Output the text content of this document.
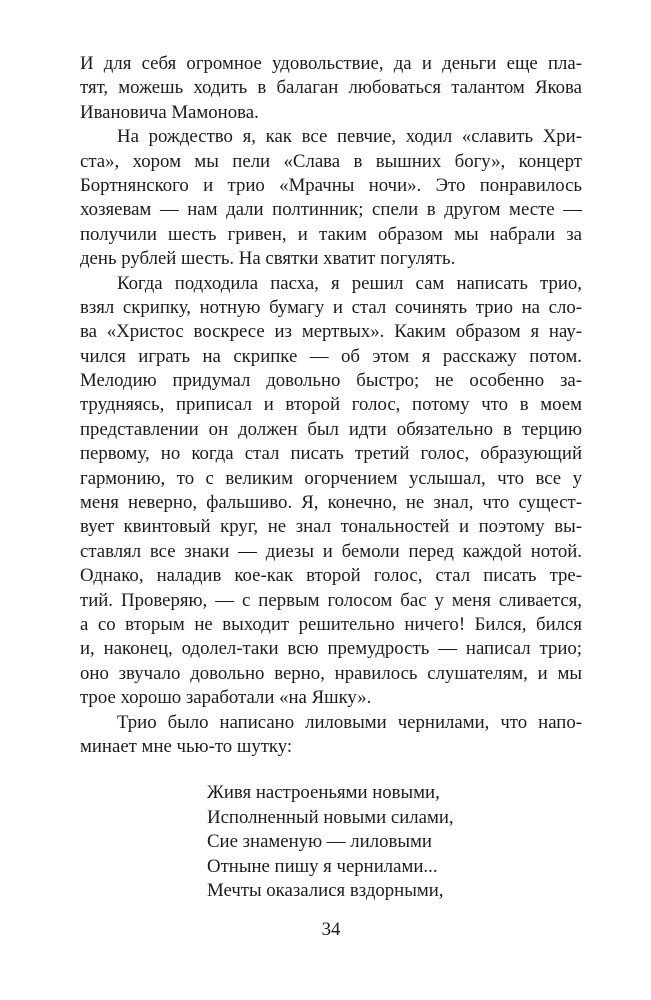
И для себя огромное удовольствие, да и деньги еще пла-
тят, можешь ходить в балаган любоваться талантом Якова
Ивановича Мамонова.
На рождество я, как все певчие, ходил «славить Хри-
ста», хором мы пели «Слава в вышних богу», концерт
Бортнянского и трио «Мрачны ночи». Это понравилось
хозяевам — нам дали полтинник; спели в другом месте —
получили шесть гривен, и таким образом мы набрали за
день рублей шесть. На святки хватит погулять.
Когда подходила пасха, я решил сам написать трио,
взял скрипку, нотную бумагу и стал сочинять трио на сло-
ва «Христос воскресе из мертвых». Каким образом я нау-
чился играть на скрипке — об этом я расскажу потом.
Мелодию придумал довольно быстро; не особенно за-
трудняясь, приписал и второй голос, потому что в моем
представлении он должен был идти обязательно в терцию
первому, но когда стал писать третий голос, образующий
гармонию, то с великим огорчением услышал, что все у
меня неверно, фальшиво. Я, конечно, не знал, что сущест-
вует квинтовый круг, не знал тональностей и поэтому вы-
ставлял все знаки — диезы и бемоли перед каждой нотой.
Однако, наладив кое-как второй голос, стал писать тре-
тий. Проверяю, — с первым голосом бас у меня сливается,
а со вторым не выходит решительно ничего! Бился, бился
и, наконец, одолел-таки всю премудрость — написал трио;
оно звучало довольно верно, нравилось слушателям, и мы
трое хорошо заработали «на Яшку».
Трио было написано лиловыми чернилами, что напо-
минает мне чью-то шутку:
Живя настроеньями новыми,
Исполненный новыми силами,
Сие знаменую — лиловыми
Отныне пишу я чернилами...
Мечты оказалися вздорными,
34
